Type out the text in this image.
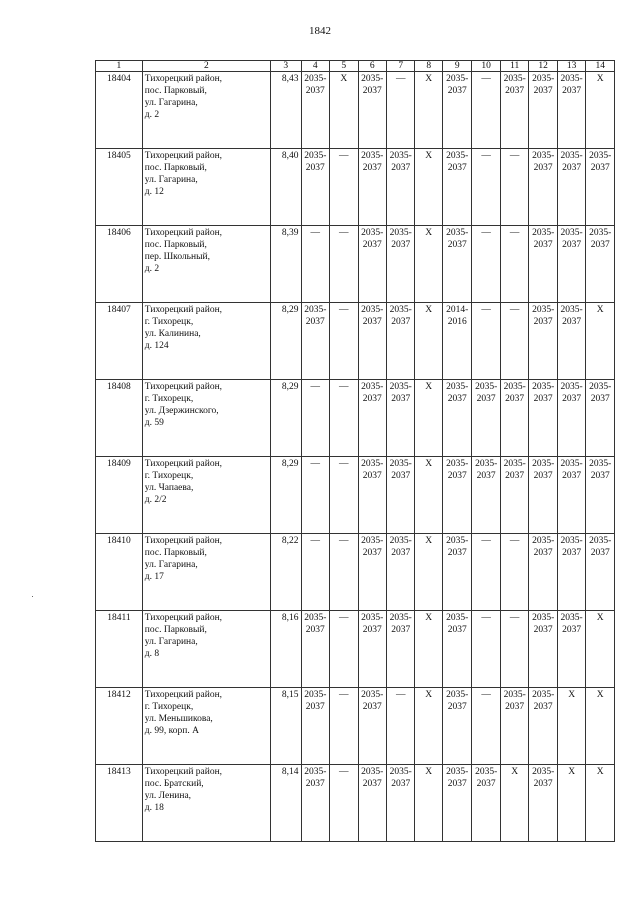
1842
1	2	3	4	5	6	7	8	9	10	11	12	13	14
18404	Тихорецкий район,
пос. Парковый,
ул. Гагарина,
д. 2	8,43	2035-
2037	X	2035-
2037	—	X	2035-
2037	—	2035-
2037	2035-
2037	2035-
2037	X
18405	Тихорецкий район,
пос. Парковый,
ул. Гагарина,
д. 12	8,40	2035-
2037	—	2035-
2037	2035-
2037	X	2035-
2037	—	—	2035-
2037	2035-
2037	2035-
2037

18406	Тихорецкий район,
пос. Парковый,
пер. Школьный,
д. 2	8,39	—	—	2035-
2037	2035-
2037	X	2035-
2037	—	—	2035-
2037	2035-
2037	2035-
2037

18407	Тихорецкий район,
г. Тихорецк,
ул. Калинина,
д. 124	8,29	2035-
2037	—	2035-
2037	2035-
2037	X	2014-
2016	—	—	2035-
2037	2035-
2037	X
18408	Тихорецкий район,
г. Тихорецк,
ул. Дзержинского,
д. 59	8,29	—	—	2035-
2037	2035-
2037	X	2035-
2037	2035-
2037	2035-
2037	2035-
2037	2035-
2037	2035-
2037

18409	Тихорецкий район,
г. Тихорецк,
ул. Чапаева,
д. 2/2	8,29	—	—	2035-
2037	2035-
2037	X	2035-
2037	2035-
2037	2035-
2037	2035-
2037	2035-
2037	2035-
2037

18410	Тихорецкий район,
пос. Парковый,
ул. Гагарина,
д. 17	8,22	—	—	2035-
2037	2035-
2037	X	2035-
2037	—	—	2035-
2037	2035-
2037	2035-
2037

18411	Тихорецкий район,
пос. Парковый,
ул. Гагарина,
д. 8	8,16	2035-
2037	—	2035-
2037	2035-
2037	X	2035-
2037	—	—	2035-
2037	2035-
2037	X
18412	Тихорецкий район,
г. Тихорецк,
ул. Меньшикова,
д. 99, корп. А	8,15	2035-
2037	—	2035-
2037	—	X	2035-
2037	—	2035-
2037	2035-
2037	X	X
18413	Тихорецкий район,
пос. Братский,
ул. Ленина,
д. 18	8,14	2035-
2037	—	2035-
2037	2035-
2037	X	2035-
2037	2035-
2037	X	2035-
2037	X	X
